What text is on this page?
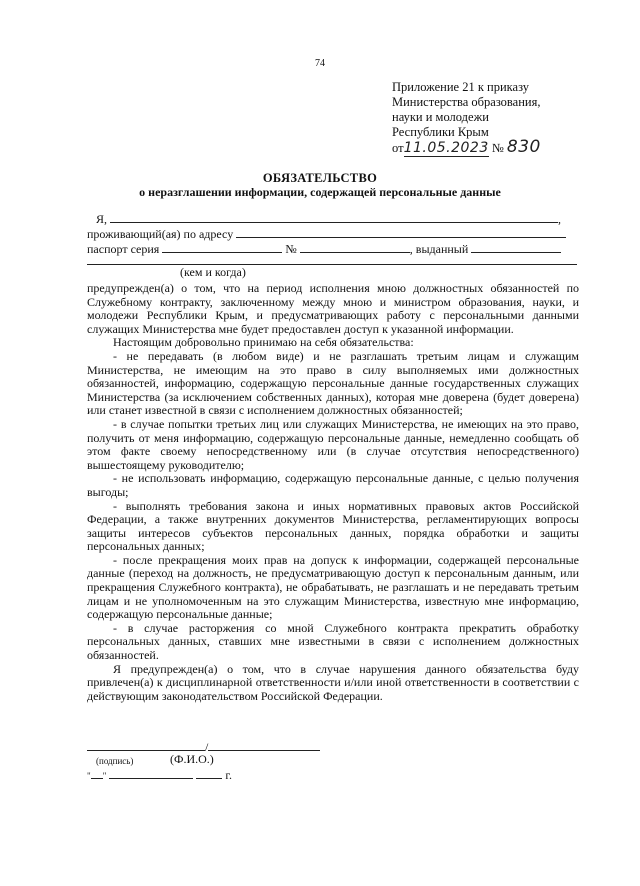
74
Приложение 21 к приказу
Министерства образования,
науки и молодежи
Республики Крым
от11.05.2023 № 830
ОБЯЗАТЕЛЬСТВО
о неразглашении информации, содержащей персональные данные
Я,	,
проживающий(ая) по адресу
паспорт серия	№	, выданный
(кем и когда)
предупрежден(а) о том, что на период исполнения мною должностных обязанностей по Служебному контракту, заключенному между мною и министром образования, науки, и молодежи Республики Крым, и предусматривающих работу с персональными данными служащих Министерства мне будет предоставлен доступ к указанной информации.
Настоящим добровольно принимаю на себя обязательства:
- не передавать (в любом виде) и не разглашать третьим лицам и служащим Министерства, не имеющим на это право в силу выполняемых ими должностных обязанностей, информацию, содержащую персональные данные государственных служащих Министерства (за исключением собственных данных), которая мне доверена (будет доверена) или станет известной в связи с исполнением должностных обязанностей;
- в случае попытки третьих лиц или служащих Министерства, не имеющих на это право, получить от меня информацию, содержащую персональные данные, немедленно сообщать об этом факте своему непосредственному или (в случае отсутствия непосредственного) вышестоящему руководителю;
- не использовать информацию, содержащую персональные данные, с целью получения выгоды;
- выполнять требования закона и иных нормативных правовых актов Российской Федерации, а также внутренних документов Министерства, регламентирующих вопросы защиты интересов субъектов персональных данных, порядка обработки и защиты персональных данных;
- после прекращения моих прав на допуск к информации, содержащей персональные данные (переход на должность, не предусматривающую доступ к персональным данным, или прекращения Служебного контракта), не обрабатывать, не разглашать и не передавать третьим лицам и не уполномоченным на это служащим Министерства, известную мне информацию, содержащую персональные данные;
- в случае расторжения со мной Служебного контракта прекратить обработку персональных данных, ставших мне известными в связи с исполнением должностных обязанностей.
Я предупрежден(а) о том, что в случае нарушения данного обязательства буду привлечен(а) к дисциплинарной ответственности и/или иной ответственности в соответствии с действующим законодательством Российской Федерации.
/
(подпись)	(Ф.И.О.)
" "	г.
